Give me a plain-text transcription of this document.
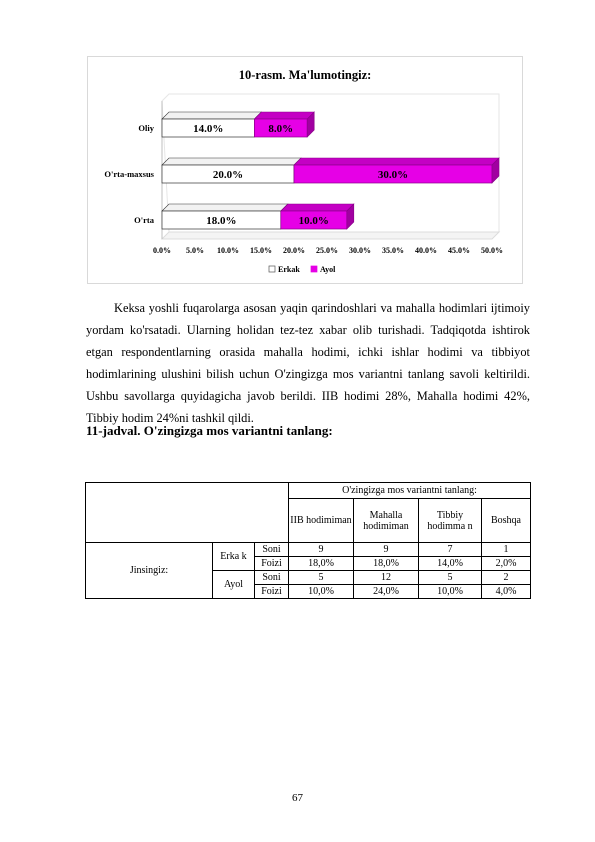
10-rasm. Ma'lumotingiz:
0.0% 5.0% 10.0% 15.0% 20.0% 25.0% 30.0% 35.0% 40.0% 45.0% 50.0%
Oliy	14.0%	8.0%
O'rta-maxsus	20.0%	30.0%
O'rta	18.0%	10.0%
Erkak	Ayol

Keksa yoshli fuqarolarga asosan yaqin qarindoshlari va mahalla hodimlari ijtimoiy yordam ko'rsatadi. Ularning holidan tez-tez xabar olib turishadi. Tadqiqotda ishtirok etgan respondentlarning orasida mahalla hodimi, ichki ishlar hodimi va tibbiyot hodimlarining ulushini bilish uchun O'zingizga mos variantni tanlang savoli keltirildi. Ushbu savollarga quyidagicha javob berildi. IIB hodimi 28%, Mahalla hodimi 42%, Tibbiy hodim 24%ni tashkil qildi.

11-jadval. O'zingizga mos variantni tanlang:

			O'zingizga mos variantni tanlang:			
			IIB hodimiman	Mahalla hodimiman	Tibbiy hodimma n	Boshqa
Jinsingiz:	Erka k	Soni	9	9	7	1
		Foizi	18,0%	18,0%	14,0%	2,0%
	Ayol	Soni	5	12	5	2
		Foizi	10,0%	24,0%	10,0%	4,0%
67
